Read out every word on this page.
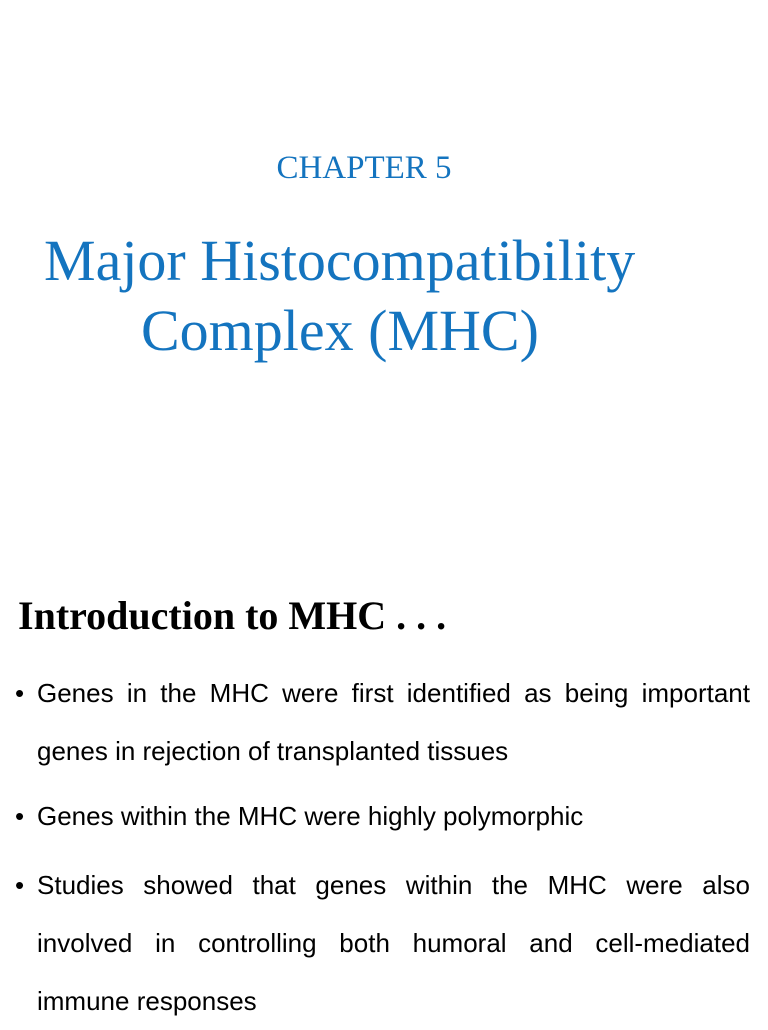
CHAPTER 5
Major Histocompatibility
Complex (MHC)
Introduction to MHC . . .
• Genes in the MHC were first identified as being important genes in rejection of transplanted tissues
• Genes within the MHC were highly polymorphic
• Studies showed that genes within the MHC were also involved in controlling both humoral and cell-mediated immune responses
